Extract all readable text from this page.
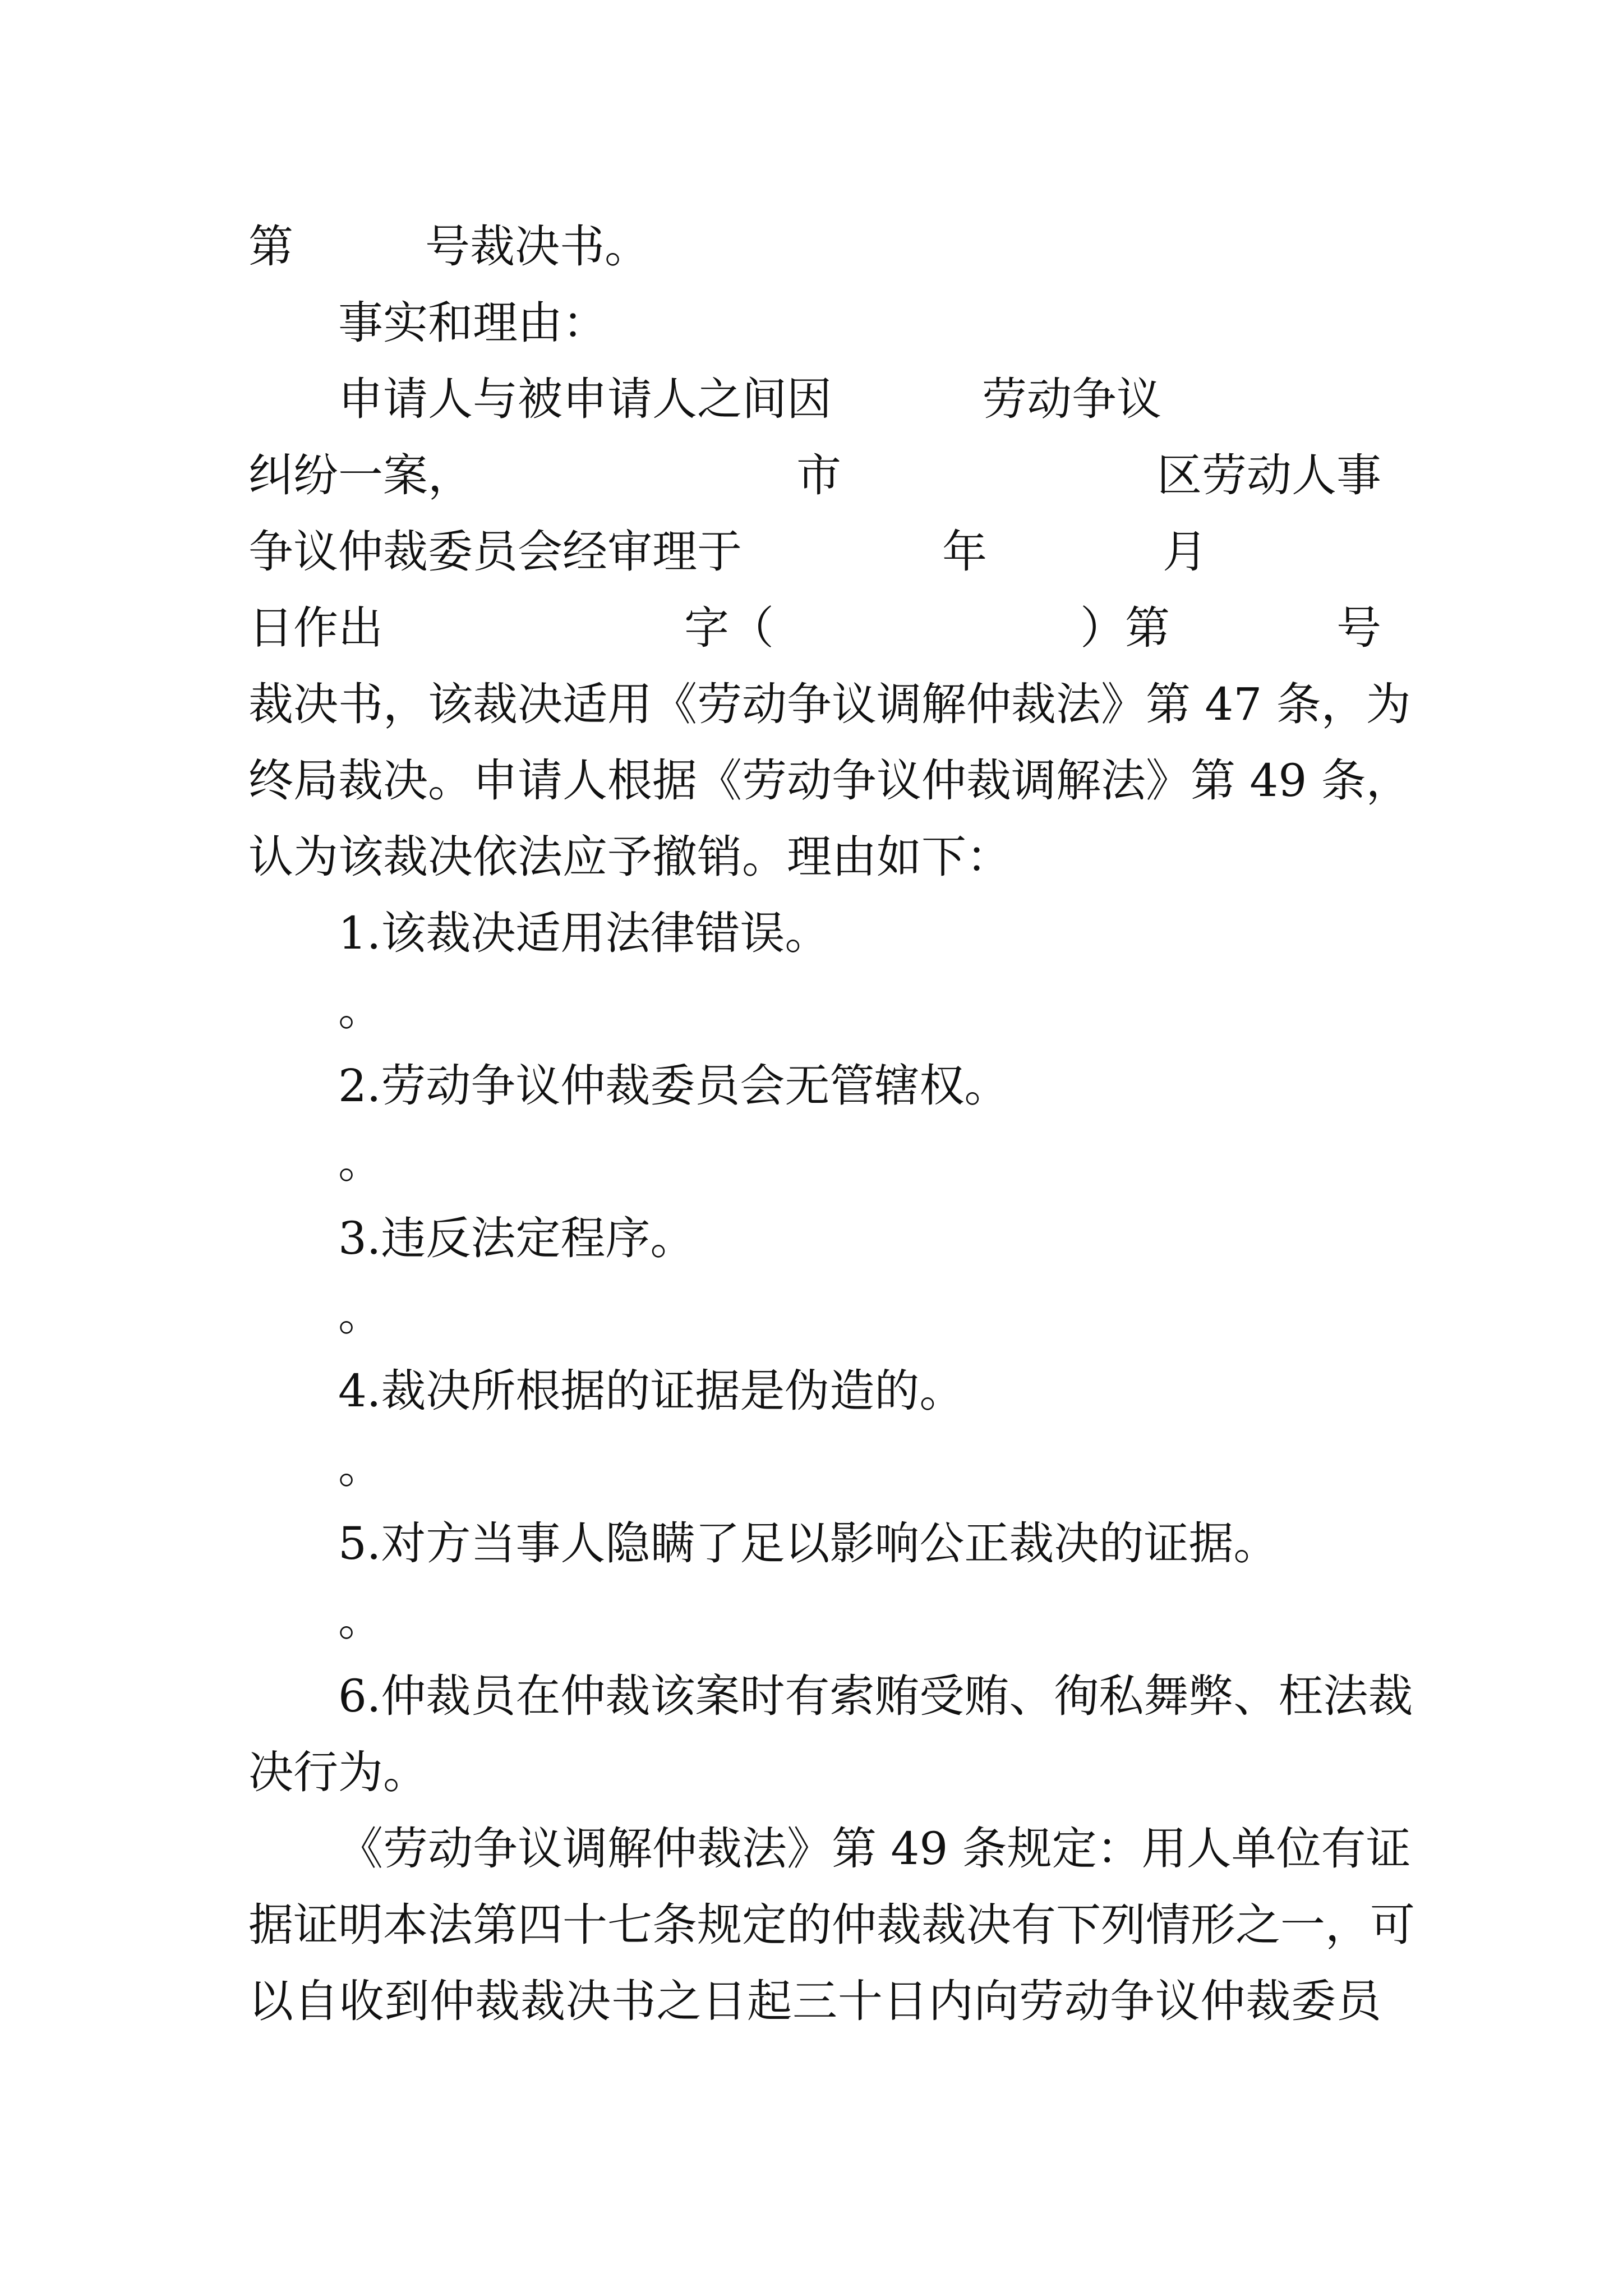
第	号裁决书。
事实和理由：
申请人与被申请人之间因	劳动争议
纠纷一案，	市	区劳动人事
争议仲裁委员会经审理于	年	月
日作出	字（	）第	号
裁决书，该裁决适用《劳动争议调解仲裁法》第 47 条，为
终局裁决。申请人根据《劳动争议仲裁调解法》第 49 条，
认为该裁决依法应予撤销。理由如下：
1.该裁决适用法律错误。
。
2.劳动争议仲裁委员会无管辖权。
。
3.违反法定程序。
。
4.裁决所根据的证据是伪造的。
。
5.对方当事人隐瞒了足以影响公正裁决的证据。
。
6.仲裁员在仲裁该案时有索贿受贿、徇私舞弊、枉法裁
决行为。
《劳动争议调解仲裁法》第 49 条规定：用人单位有证
据证明本法第四十七条规定的仲裁裁决有下列情形之一，可
以自收到仲裁裁决书之日起三十日内向劳动争议仲裁委员
